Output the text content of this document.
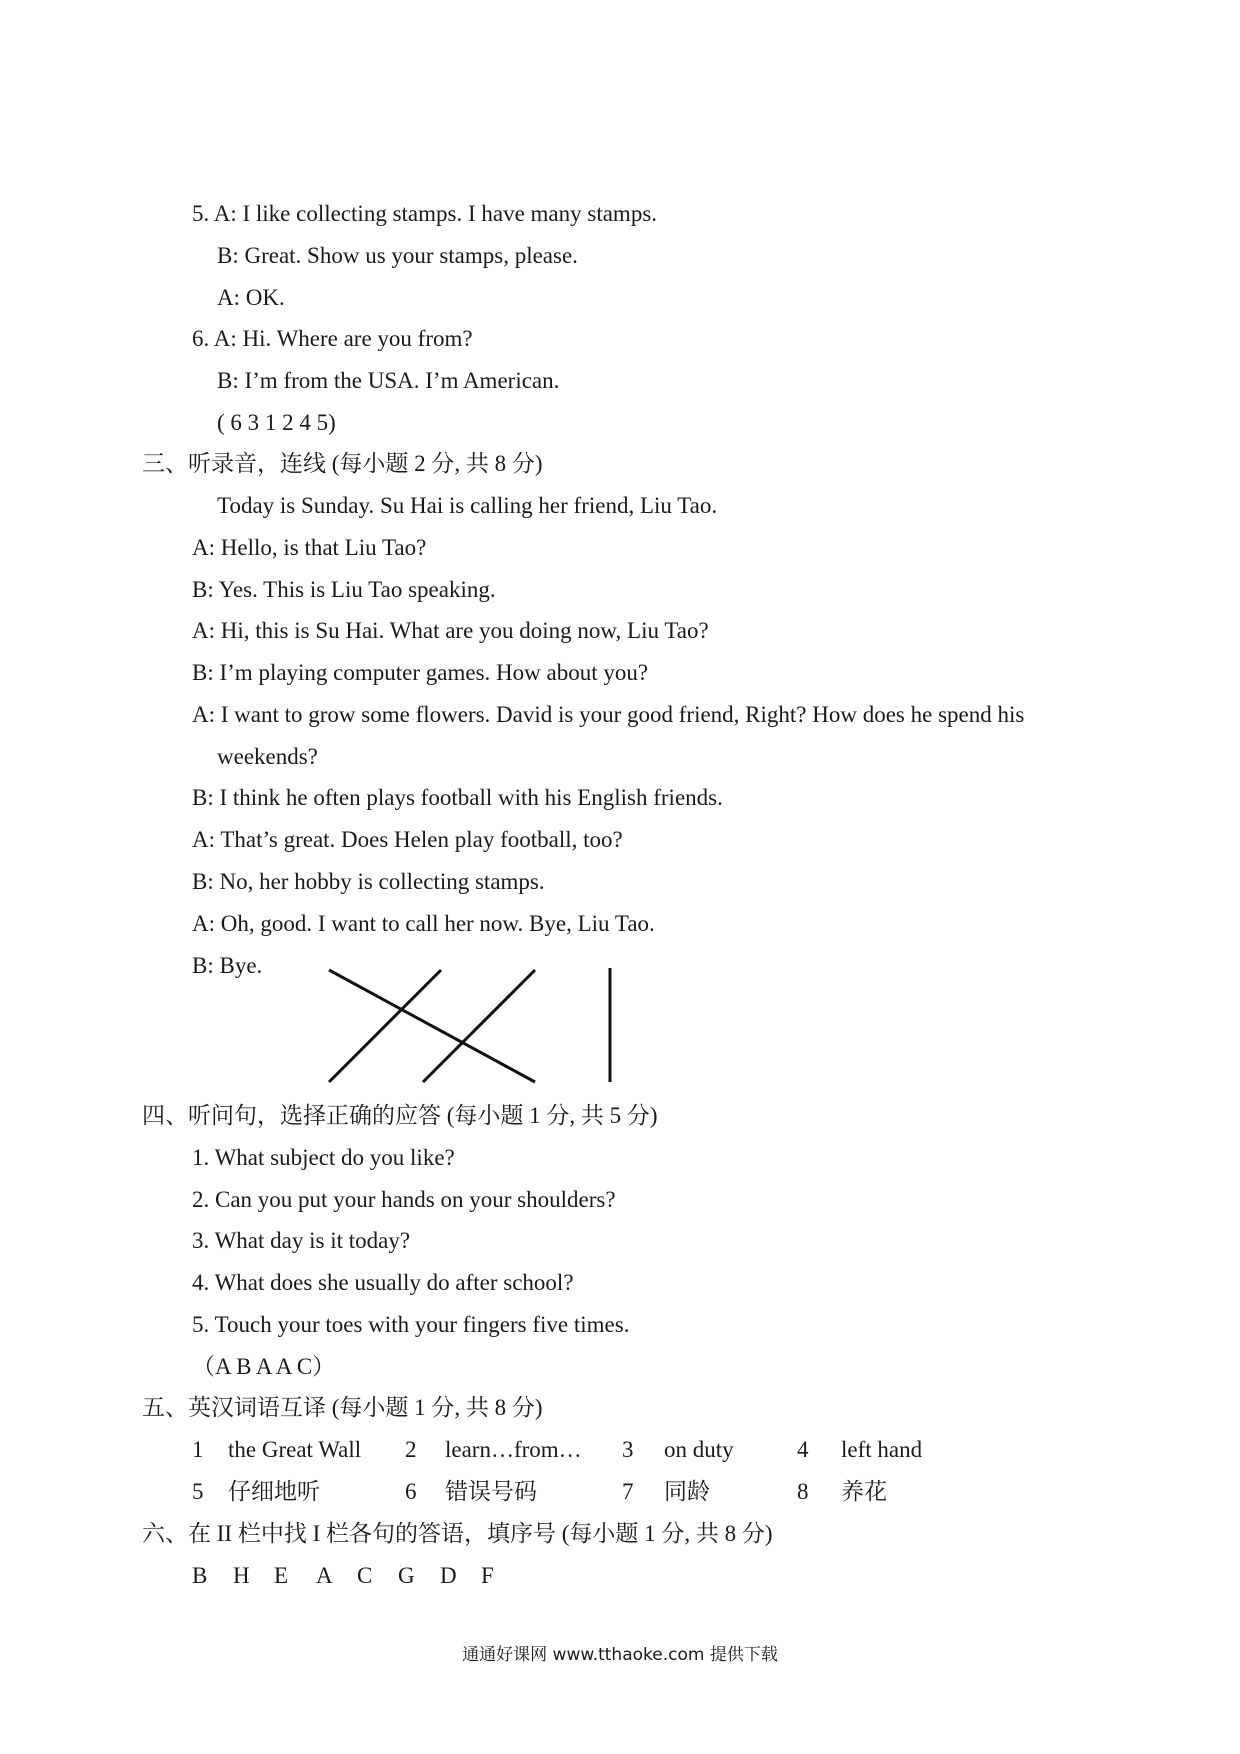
5. A: I like collecting stamps. I have many stamps.
B: Great. Show us your stamps, please.
A: OK.
6. A: Hi. Where are you from?
B: I’m from the USA. I’m American.
( 6 3 1 2 4 5)
三、听录音，连线 (每小题 2 分, 共 8 分)
Today is Sunday. Su Hai is calling her friend, Liu Tao.
A: Hello, is that Liu Tao?
B: Yes. This is Liu Tao speaking.
A: Hi, this is Su Hai. What are you doing now, Liu Tao?
B: I’m playing computer games. How about you?
A: I want to grow some flowers. David is your good friend, Right? How does he spend his
weekends?
B: I think he often plays football with his English friends.
A: That’s great. Does Helen play football, too?
B: No, her hobby is collecting stamps.
A: Oh, good. I want to call her now. Bye, Liu Tao.
B: Bye.
四、听问句，选择正确的应答 (每小题 1 分, 共 5 分)
1. What subject do you like?
2. Can you put your hands on your shoulders?
3. What day is it today?
4. What does she usually do after school?
5. Touch your toes with your fingers five times.
（A B A A C）
五、英汉词语互译 (每小题 1 分, 共 8 分)
1 the Great Wall 2 learn…from… 3 on duty	4 left hand
5 仔细地听	6 错误号码	7 同龄	8 养花
六、在 II 栏中找 I 栏各句的答语，填序号 (每小题 1 分, 共 8 分)
B H E A C G D F
通通好课网 www.tthaoke.com 提供下载
